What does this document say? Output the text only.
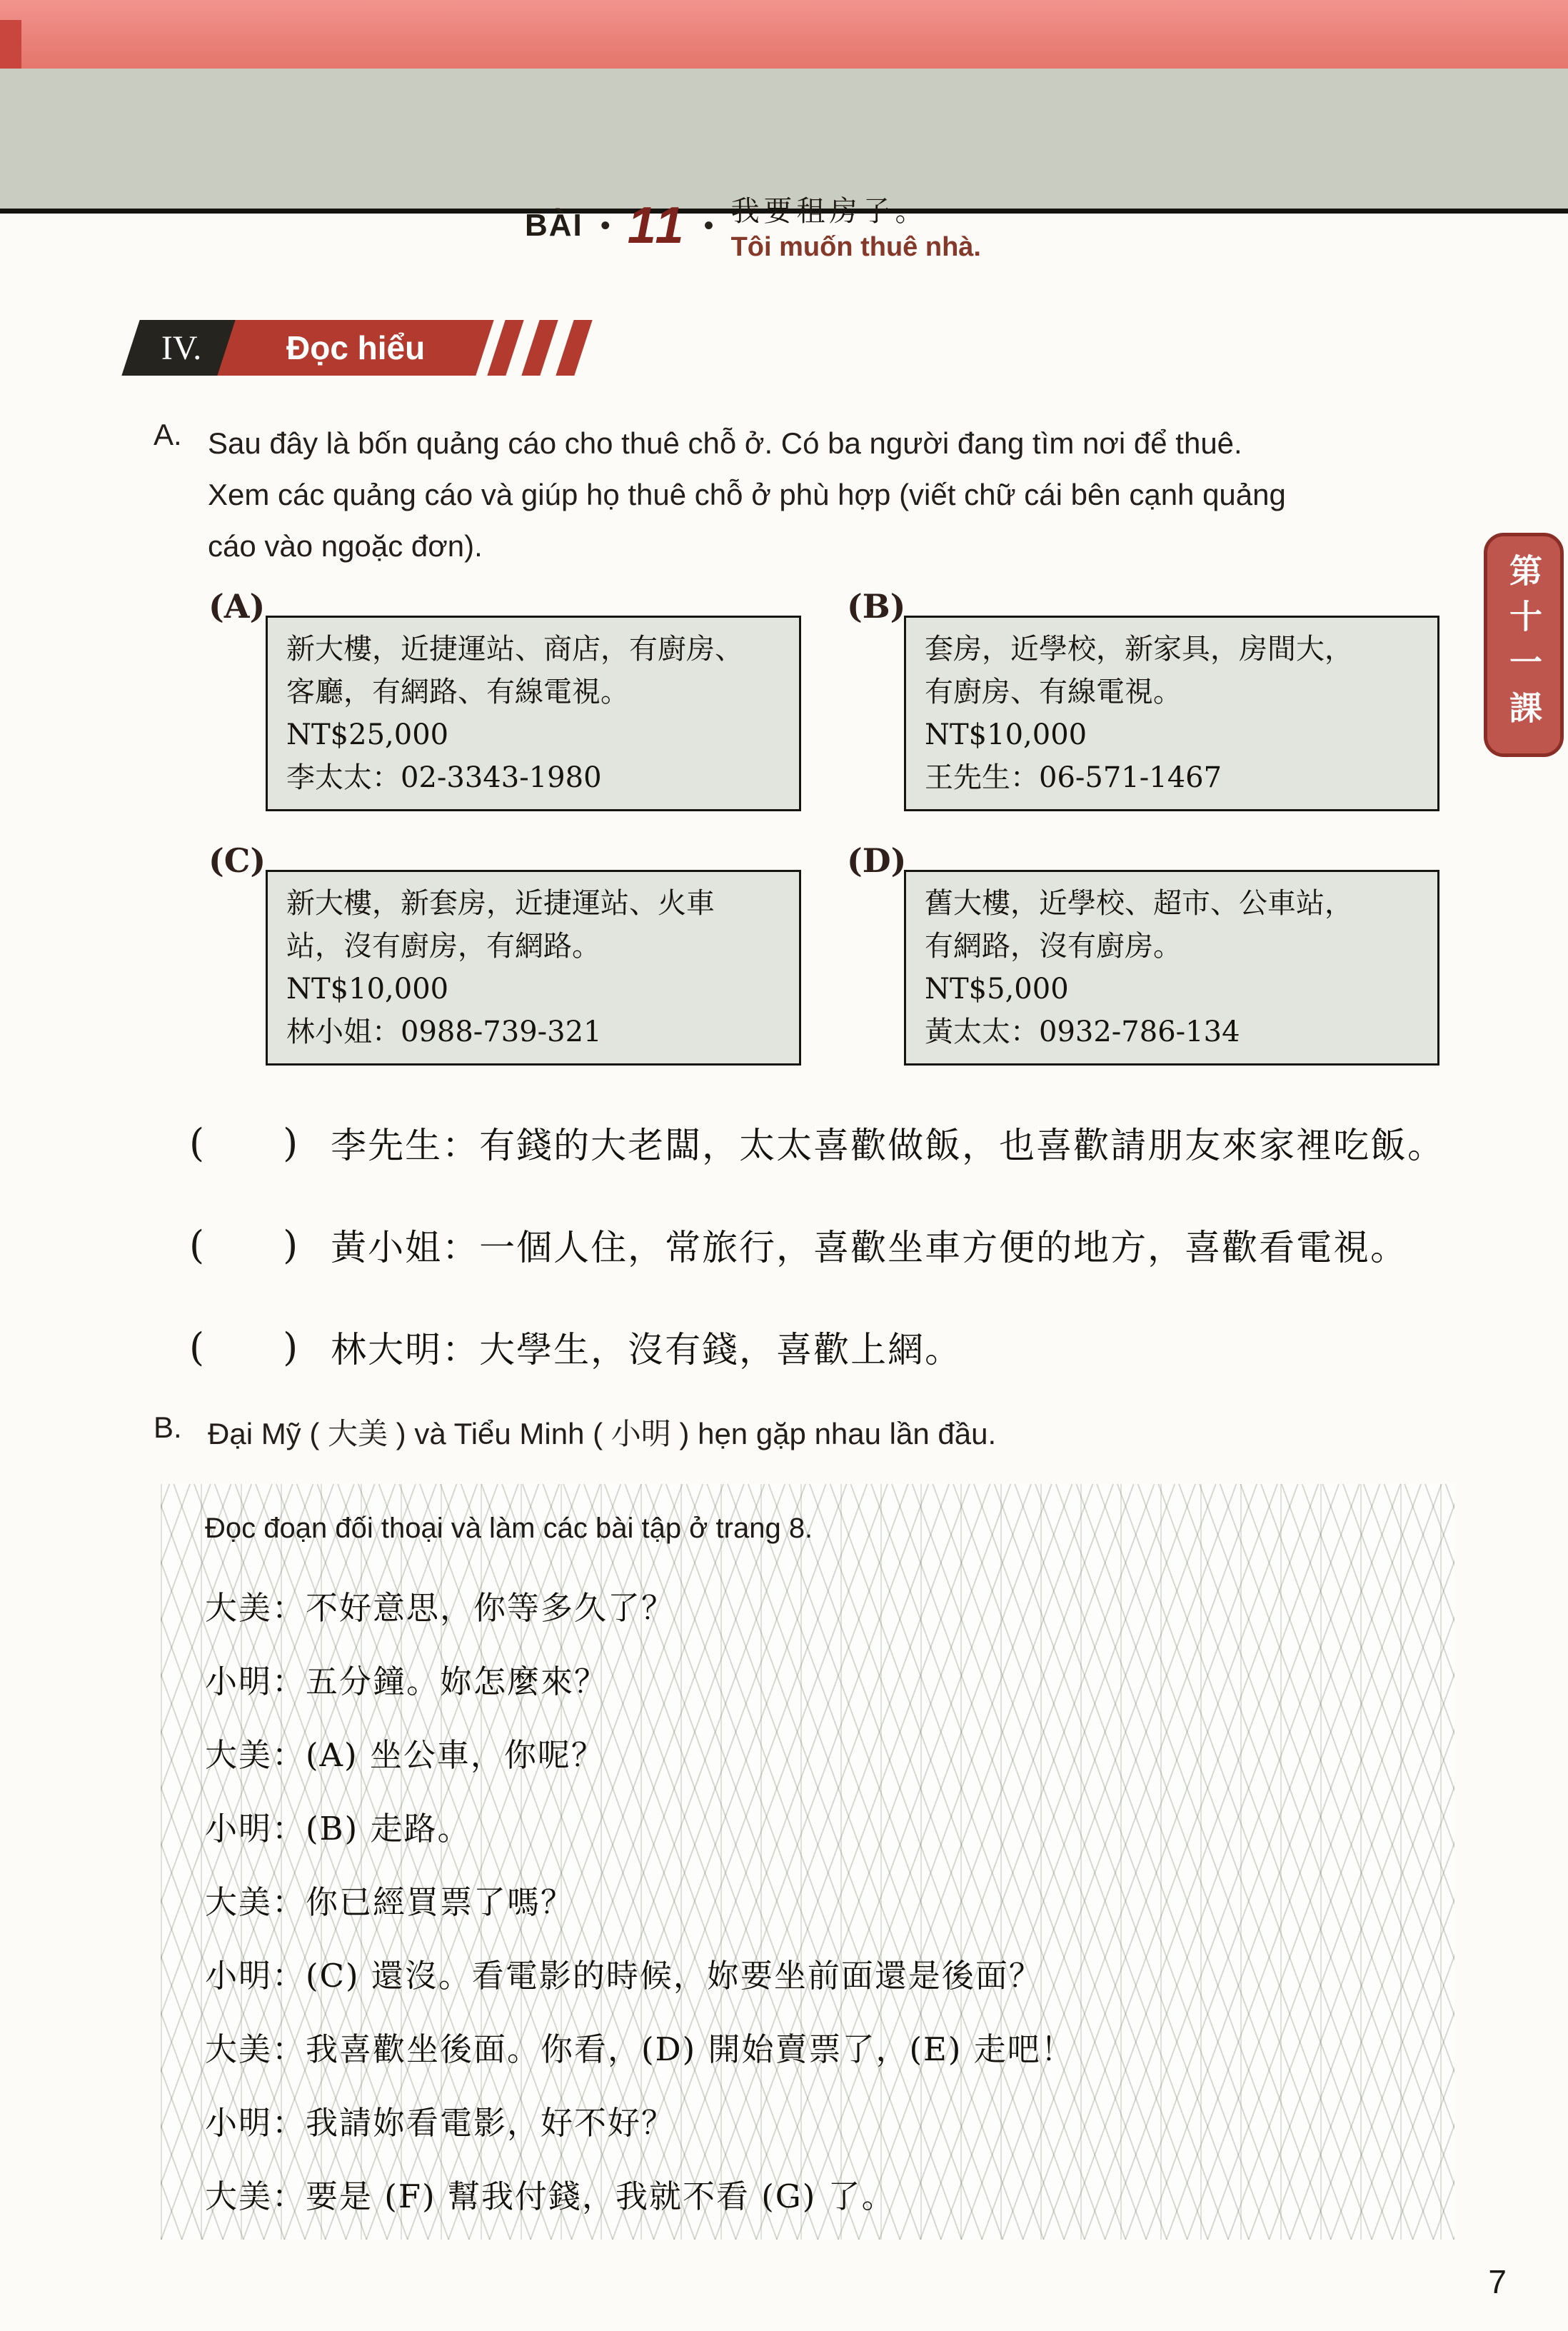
BÀI • 11 • 我要租房子。
Tôi muốn thuê nhà.
第十一課
IV.	Đọc hiểu
A. Sau đây là bốn quảng cáo cho thuê chỗ ở. Có ba người đang tìm nơi để thuê.
Xem các quảng cáo và giúp họ thuê chỗ ở phù hợp (viết chữ cái bên cạnh quảng
cáo vào ngoặc đơn).
(A)
新大樓，近捷運站、商店，有廚房、
客廳，有網路、有線電視。
NT$25,000
李太太：02-3343-1980
(B)
套房，近學校，新家具，房間大，
有廚房、有線電視。
NT$10,000
王先生：06-571-1467
(C)
新大樓，新套房，近捷運站、火車
站，沒有廚房，有網路。
NT$10,000
林小姐：0988-739-321
(D)
舊大樓，近學校、超市、公車站，
有網路，沒有廚房。
NT$5,000
黃太太：0932-786-134
( ) 李先生：有錢的大老闆，太太喜歡做飯，也喜歡請朋友來家裡吃飯。
( ) 黃小姐：一個人住，常旅行，喜歡坐車方便的地方，喜歡看電視。
( ) 林大明：大學生，沒有錢，喜歡上網。
B. Đại Mỹ ( 大美 ) và Tiểu Minh ( 小明 ) hẹn gặp nhau lần đầu.
Đọc đoạn đối thoại và làm các bài tập ở trang 8.
大美：不好意思，你等多久了？
小明：五分鐘。妳怎麼來？
大美：(A) 坐公車，你呢？
小明：(B) 走路。
大美：你已經買票了嗎？
小明：(C) 還沒。看電影的時候，妳要坐前面還是後面？
大美：我喜歡坐後面。你看，(D) 開始賣票了，(E) 走吧！
小明：我請妳看電影，好不好？
大美：要是 (F) 幫我付錢，我就不看 (G) 了。
7
